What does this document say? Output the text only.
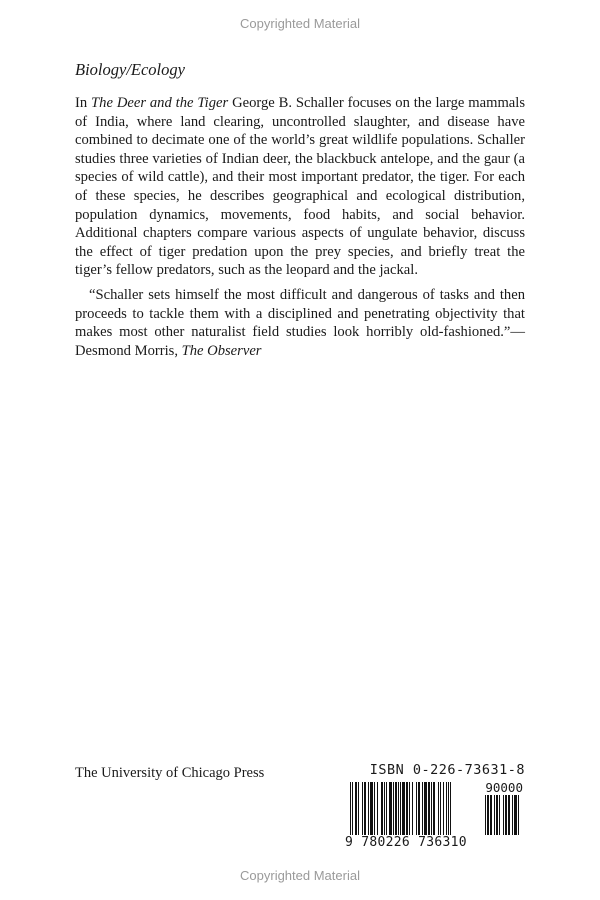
Copyrighted Material
Biology/Ecology

In The Deer and the Tiger George B. Schaller focuses on the large mammals of India, where land clearing, uncontrolled slaughter, and disease have combined to decimate one of the world’s great wildlife populations. Schaller studies three varieties of Indian deer, the blackbuck antelope, and the gaur (a species of wild cattle), and their most important predator, the tiger. For each of these species, he describes geographical and ecological distribution, population dynamics, movements, food habits, and social behavior. Additional chapters compare various aspects of ungulate behavior, discuss the effect of tiger predation upon the prey species, and briefly treat the tiger’s fellow predators, such as the leopard and the jackal.

“Schaller sets himself the most difficult and dangerous of tasks and then proceeds to tackle them with a disciplined and penetrating objectivity that makes most other naturalist field studies look horribly old-fashioned.”—Desmond Morris, The Observer

The University of Chicago Press	ISBN 0-226-73631-8
90000
9 780226 736310
Copyrighted Material
